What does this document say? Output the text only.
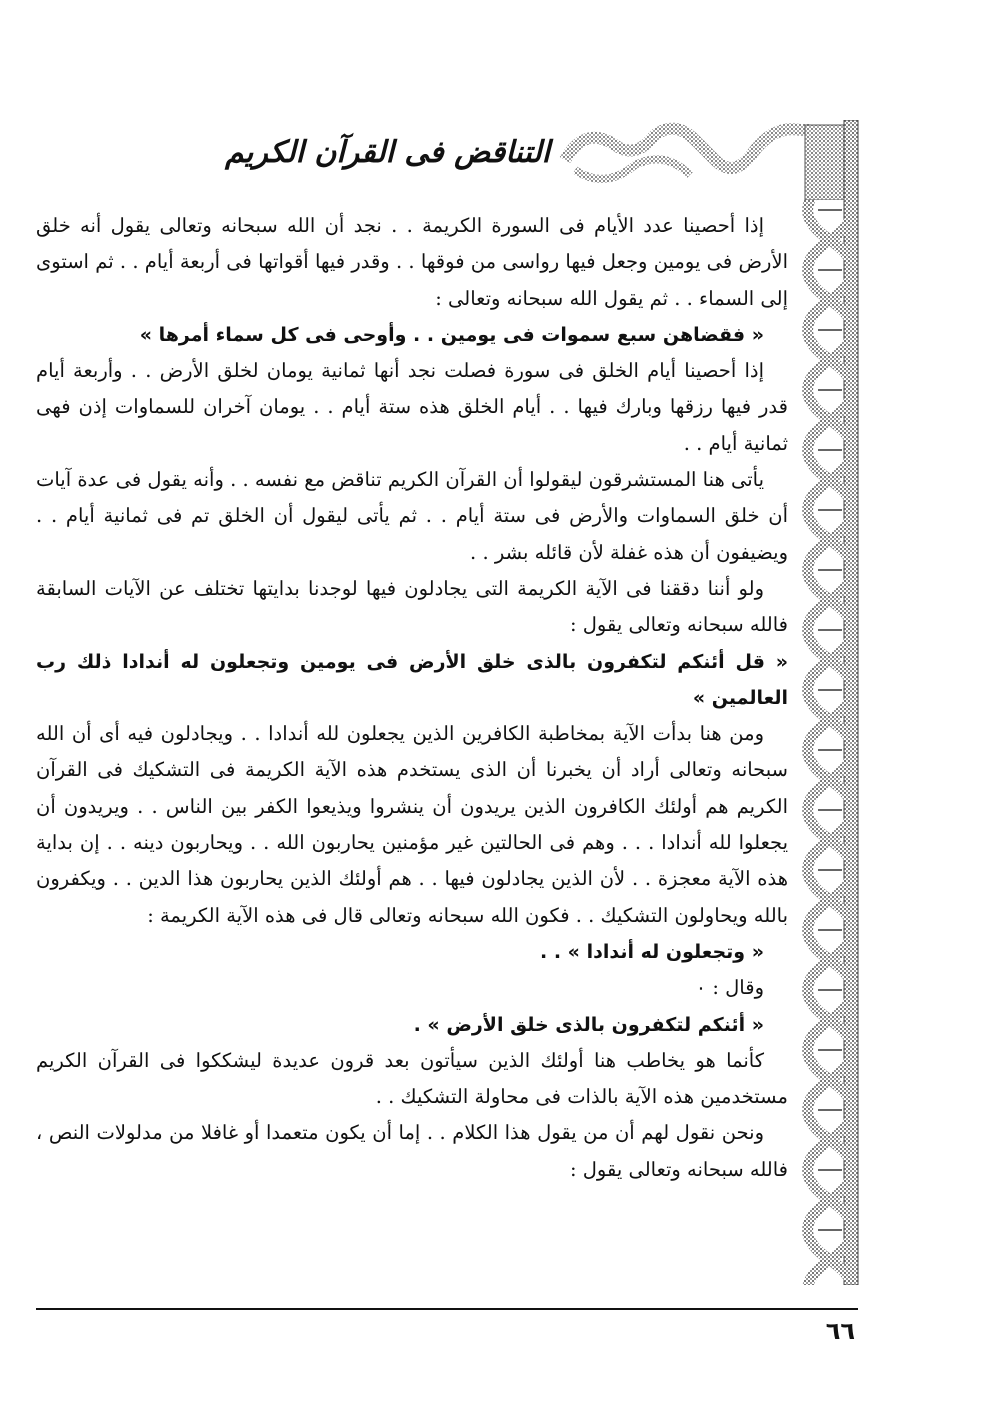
التناقض فى القرآن الكريم

إذا أحصينا عدد الأيام فى السورة الكريمة . . نجد أن الله سبحانه وتعالى يقول أنه خلق الأرض فى يومين وجعل فيها رواسى من فوقها . . وقدر فيها أقواتها فى أربعة أيام . . ثم استوى إلى السماء . . ثم يقول الله سبحانه وتعالى :

« فقضاهن سبع سموات فى يومين . . وأوحى فى كل سماء أمرها »

إذا أحصينا أيام الخلق فى سورة فصلت نجد أنها ثمانية يومان لخلق الأرض . . وأربعة أيام قدر فيها رزقها وبارك فيها . . أيام الخلق هذه ستة أيام . . يومان آخران للسماوات إذن فهى ثمانية أيام . .

يأتى هنا المستشرقون ليقولوا أن القرآن الكريم تناقض مع نفسه . . وأنه يقول فى عدة آيات أن خلق السماوات والأرض فى ستة أيام . . ثم يأتى ليقول أن الخلق تم فى ثمانية أيام . . ويضيفون أن هذه غفلة لأن قائله بشر . .

ولو أننا دققنا فى الآية الكريمة التى يجادلون فيها لوجدنا بدايتها تختلف عن الآيات السابقة فالله سبحانه وتعالى يقول :

« قل أئنكم لتكفرون بالذى خلق الأرض فى يومين وتجعلون له أندادا ذلك رب العالمين »

ومن هنا بدأت الآية بمخاطبة الكافرين الذين يجعلون لله أندادا . . ويجادلون فيه أى أن الله سبحانه وتعالى أراد أن يخبرنا أن الذى يستخدم هذه الآية الكريمة فى التشكيك فى القرآن الكريم هم أولئك الكافرون الذين يريدون أن ينشروا ويذيعوا الكفر بين الناس . . ويريدون أن يجعلوا لله أندادا . . . وهم فى الحالتين غير مؤمنين يحاربون الله . . ويحاربون دينه . . إن بداية هذه الآية معجزة . . لأن الذين يجادلون فيها . . هم أولئك الذين يحاربون هذا الدين . . ويكفرون بالله ويحاولون التشكيك . . فكون الله سبحانه وتعالى قال فى هذه الآية الكريمة :

« وتجعلون له أندادا » . .

وقال : ٠

« أئنكم لتكفرون بالذى خلق الأرض » .

كأنما هو يخاطب هنا أولئك الذين سيأتون بعد قرون عديدة ليشككوا فى القرآن الكريم مستخدمين هذه الآية بالذات فى محاولة التشكيك . .

ونحن نقول لهم أن من يقول هذا الكلام . . إما أن يكون متعمدا أو غافلا من مدلولات النص ، فالله سبحانه وتعالى يقول :

٦٦
